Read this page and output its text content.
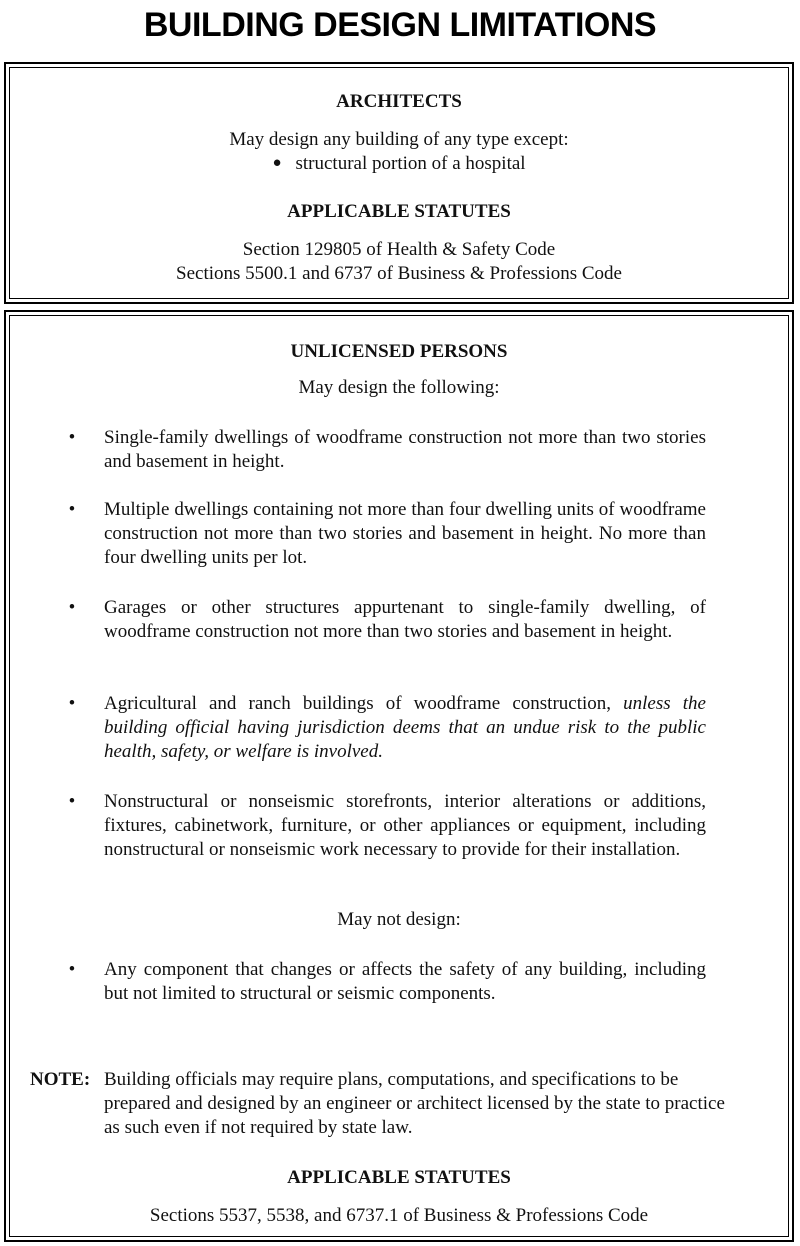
BUILDING DESIGN LIMITATIONS
ARCHITECTS
May design any building of any type except:
● structural portion of a hospital
APPLICABLE STATUTES
Section 129805 of Health & Safety Code
Sections 5500.1 and 6737 of Business & Professions Code
UNLICENSED PERSONS
May design the following:
• Single-family dwellings of woodframe construction not more than two stories and basement in height.
• Multiple dwellings containing not more than four dwelling units of woodframe construction not more than two stories and basement in height. No more than four dwelling units per lot.
• Garages or other structures appurtenant to single-family dwelling, of woodframe construction not more than two stories and basement in height.
• Agricultural and ranch buildings of woodframe construction, unless the building official having jurisdiction deems that an undue risk to the public health, safety, or welfare is involved.
• Nonstructural or nonseismic storefronts, interior alterations or additions, fixtures, cabinetwork, furniture, or other appliances or equipment, including nonstructural or nonseismic work necessary to provide for their installation.
May not design:
• Any component that changes or affects the safety of any building, including but not limited to structural or seismic components.
NOTE: Building officials may require plans, computations, and specifications to be prepared and designed by an engineer or architect licensed by the state to practice as such even if not required by state law.
APPLICABLE STATUTES
Sections 5537, 5538, and 6737.1 of Business & Professions Code
